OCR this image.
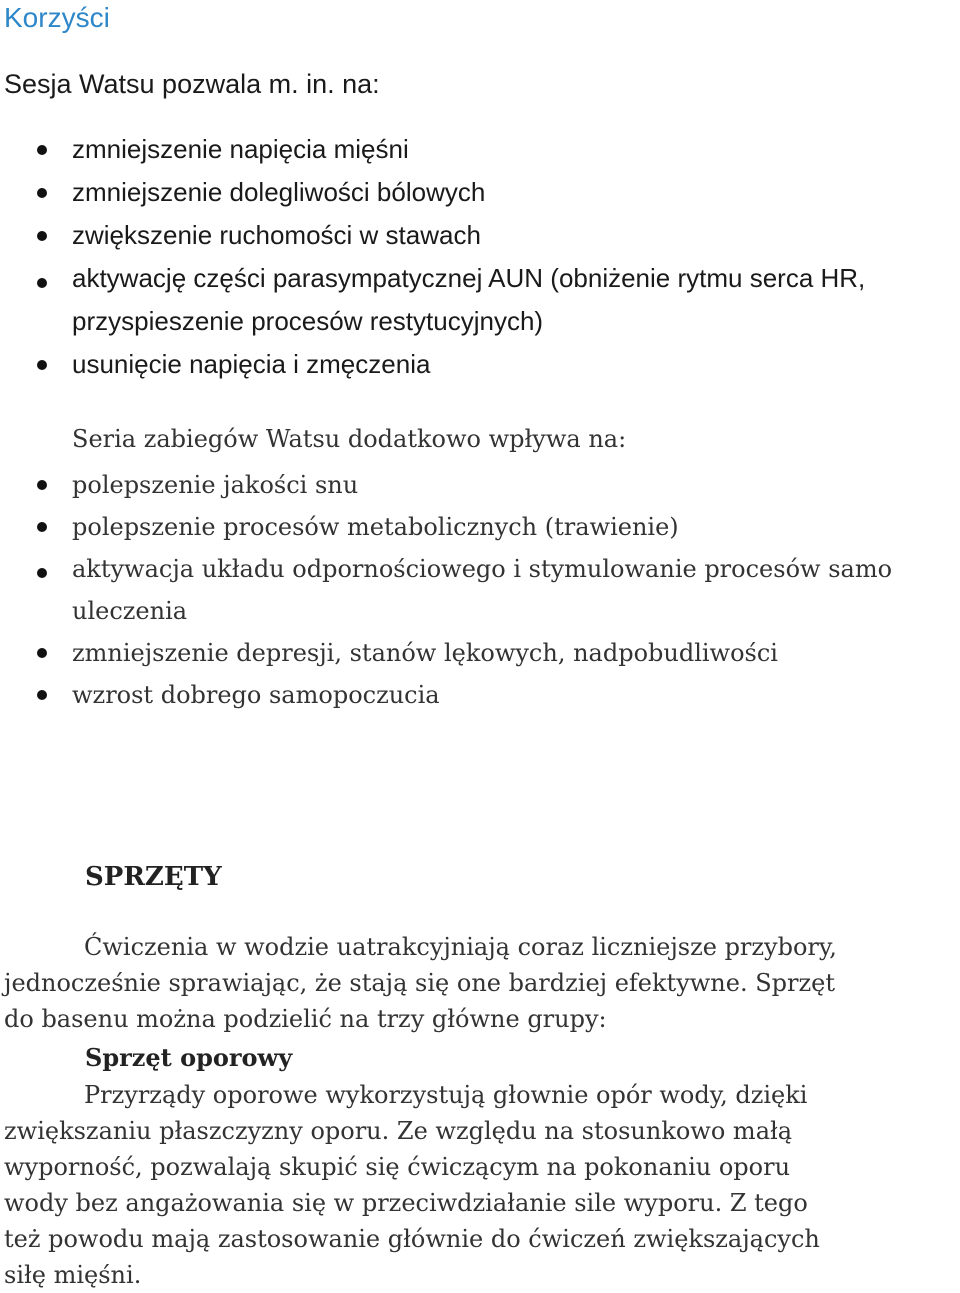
Korzyści

Sesja Watsu pozwala m. in. na:

zmniejszenie napięcia mięśni
zmniejszenie dolegliwości bólowych
zwiększenie ruchomości w stawach
aktywację części parasympatycznej AUN (obniżenie rytmu serca HR, przyspieszenie procesów restytucyjnych)
usunięcie napięcia i zmęczenia

Seria zabiegów Watsu dodatkowo wpływa na:

polepszenie jakości snu
polepszenie procesów metabolicznych (trawienie)
aktywacja układu odpornościowego i stymulowanie procesów samo uleczenia
zmniejszenie depresji, stanów lękowych, nadpobudliwości
wzrost dobrego samopoczucia
SPRZĘTY

Ćwiczenia w wodzie uatrakcyjniają coraz liczniejsze przybory,
jednocześnie sprawiając, że stają się one bardziej efektywne. Sprzęt
do basenu można podzielić na trzy główne grupy:

Sprzęt oporowy

Przyrządy oporowe wykorzystują głownie opór wody, dzięki
zwiększaniu płaszczyzny oporu. Ze względu na stosunkowo małą
wyporność, pozwalają skupić się ćwiczącym na pokonaniu oporu
wody bez angażowania się w przeciwdziałanie sile wyporu. Z tego
też powodu mają zastosowanie głównie do ćwiczeń zwiększających
siłę mięśni.
